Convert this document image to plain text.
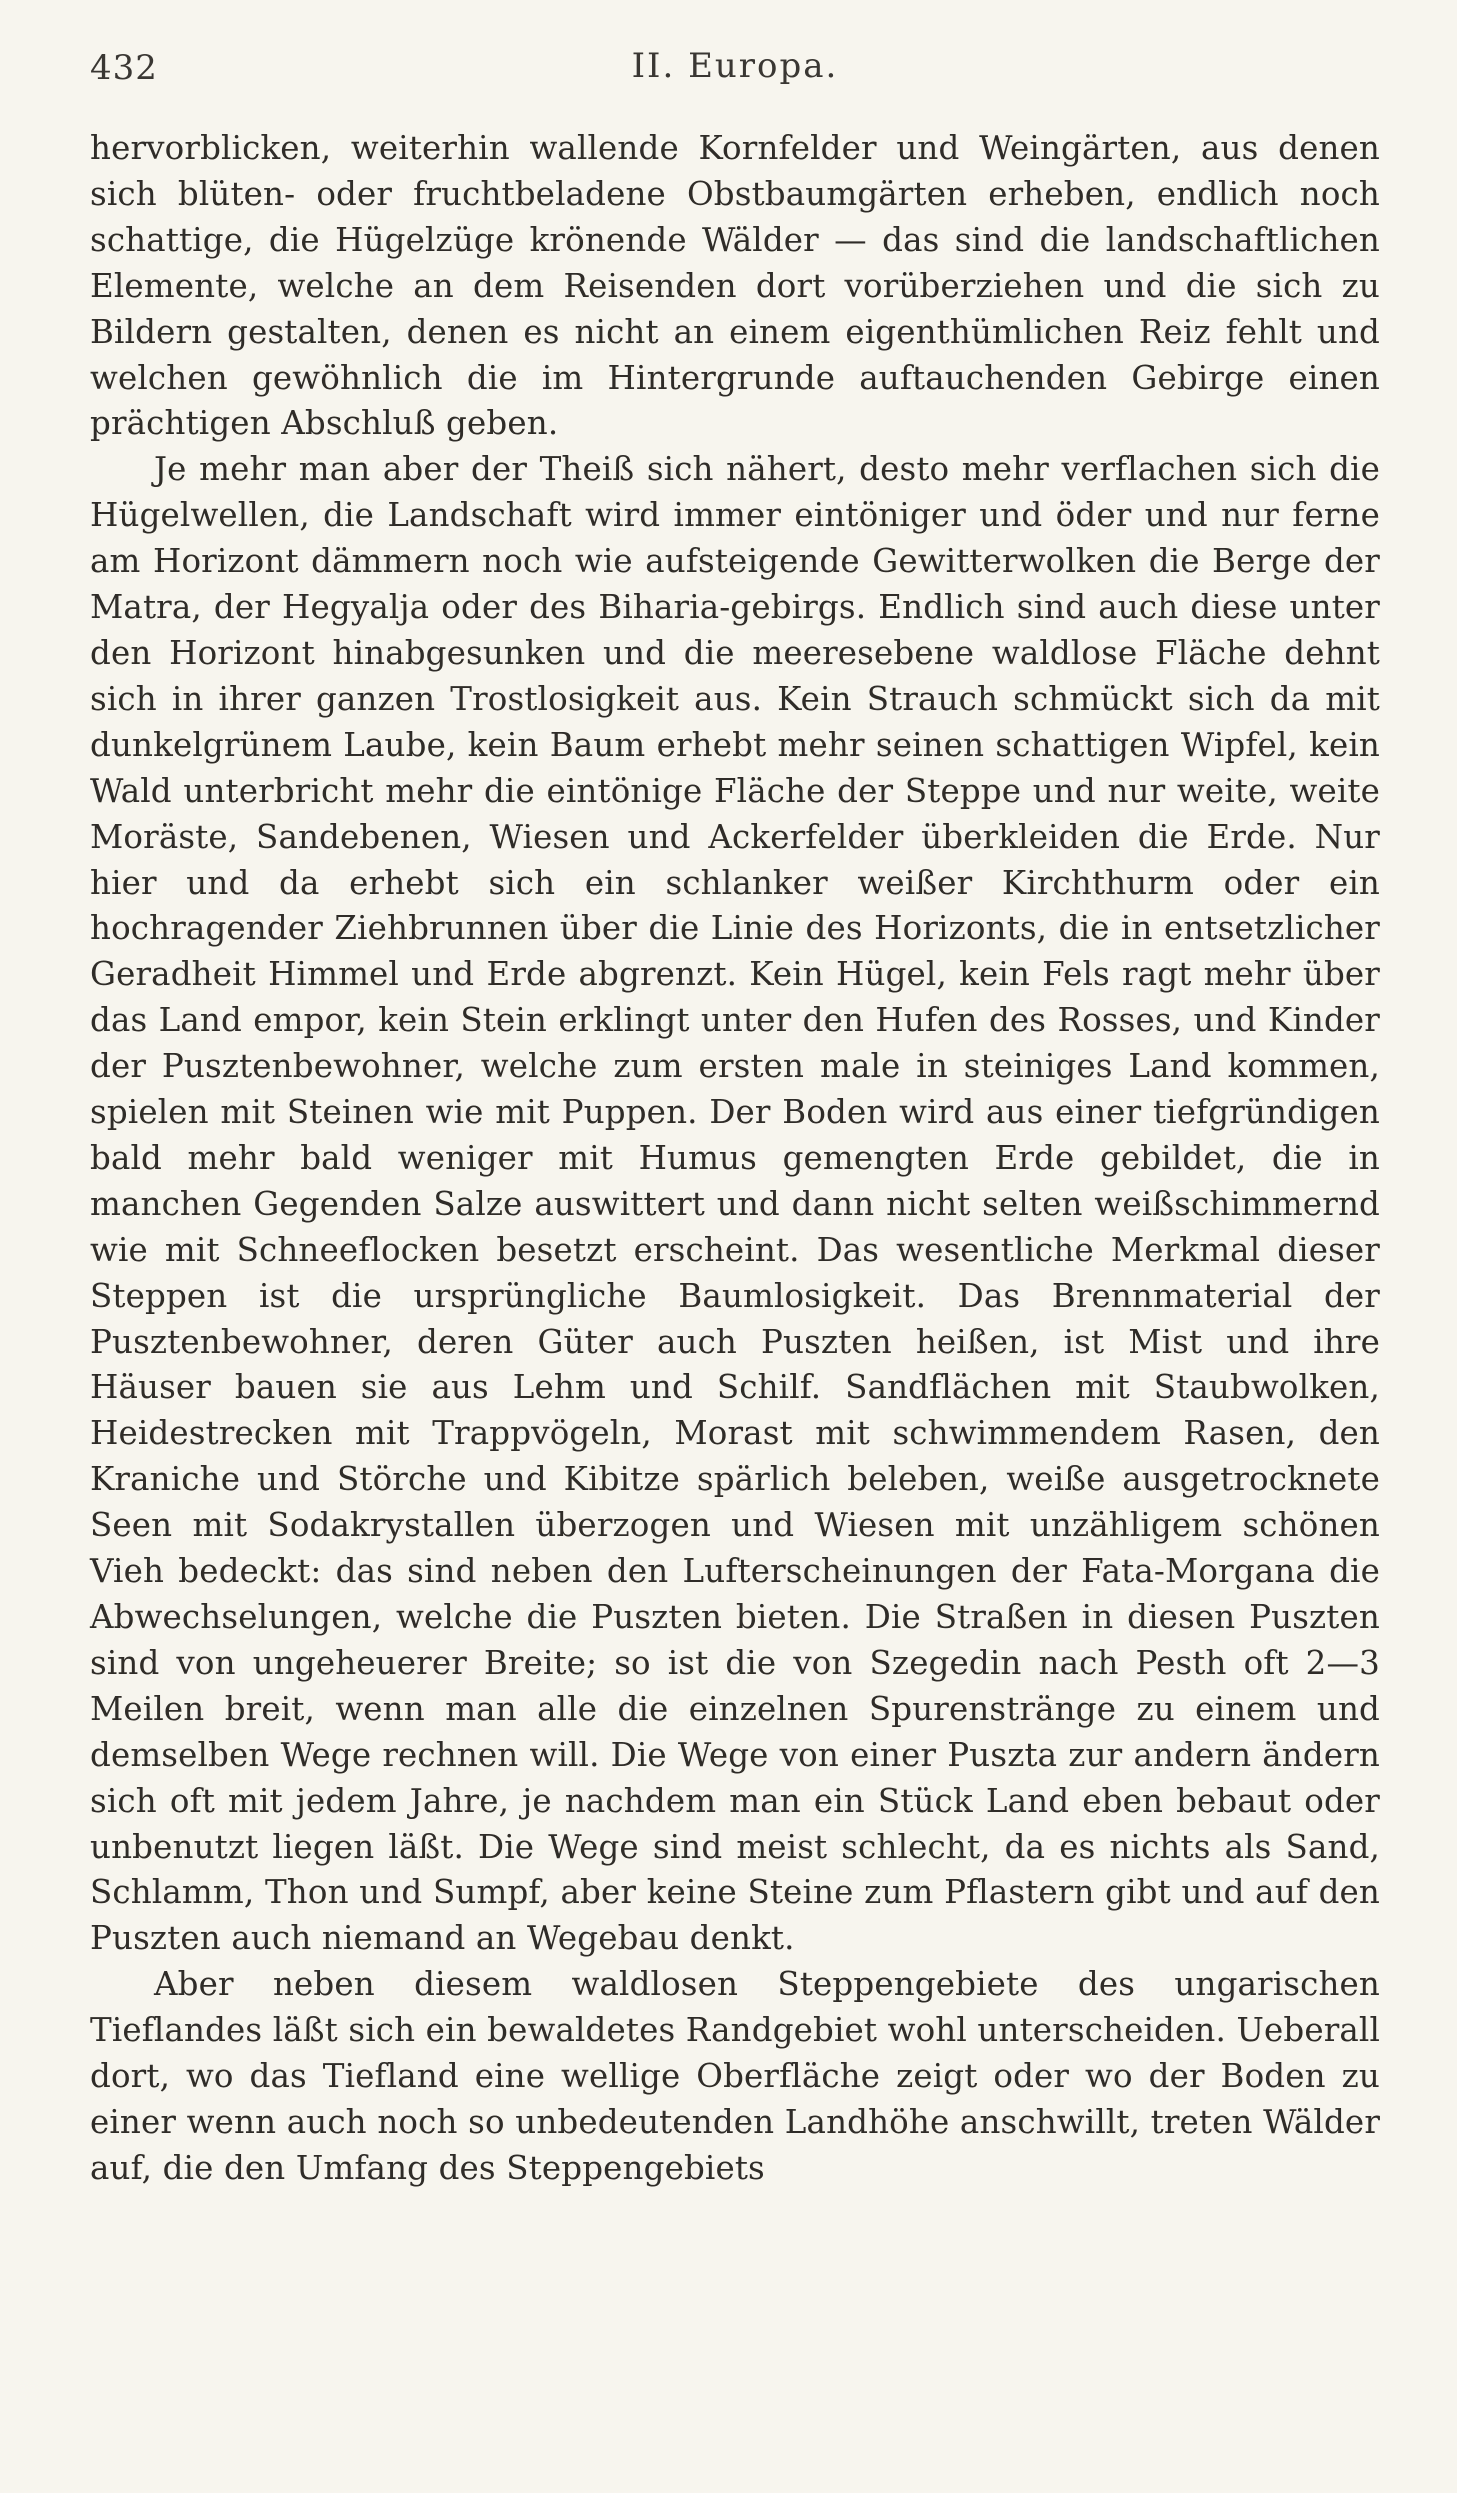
432	II. Europa.

hervorblicken, weiterhin wallende Kornfelder und Weingärten, aus denen sich blüten- oder fruchtbeladene Obstbaumgärten erheben, endlich noch schattige, die Hügelzüge krönende Wälder — das sind die landschaftlichen Elemente, welche an dem Reisenden dort vorüberziehen und die sich zu Bildern gestalten, denen es nicht an einem eigenthümlichen Reiz fehlt und welchen gewöhnlich die im Hintergrunde auftauchenden Gebirge einen prächtigen Abschluß geben.

Je mehr man aber der Theiß sich nähert, desto mehr verflachen sich die Hügelwellen, die Landschaft wird immer eintöniger und öder und nur ferne am Horizont dämmern noch wie aufsteigende Gewitterwolken die Berge der Matra, der Hegyalja oder des Biharia-gebirgs. Endlich sind auch diese unter den Horizont hinabgesunken und die meeresebene waldlose Fläche dehnt sich in ihrer ganzen Trostlosigkeit aus. Kein Strauch schmückt sich da mit dunkelgrünem Laube, kein Baum erhebt mehr seinen schattigen Wipfel, kein Wald unterbricht mehr die eintönige Fläche der Steppe und nur weite, weite Moräste, Sandebenen, Wiesen und Ackerfelder überkleiden die Erde. Nur hier und da erhebt sich ein schlanker weißer Kirchthurm oder ein hochragender Ziehbrunnen über die Linie des Horizonts, die in entsetzlicher Geradheit Himmel und Erde abgrenzt. Kein Hügel, kein Fels ragt mehr über das Land empor, kein Stein erklingt unter den Hufen des Rosses, und Kinder der Pusztenbewohner, welche zum ersten male in steiniges Land kommen, spielen mit Steinen wie mit Puppen. Der Boden wird aus einer tiefgründigen bald mehr bald weniger mit Humus gemengten Erde gebildet, die in manchen Gegenden Salze auswittert und dann nicht selten weißschimmernd wie mit Schneeflocken besetzt erscheint. Das wesentliche Merkmal dieser Steppen ist die ursprüngliche Baumlosigkeit. Das Brennmaterial der Pusztenbewohner, deren Güter auch Puszten heißen, ist Mist und ihre Häuser bauen sie aus Lehm und Schilf. Sandflächen mit Staubwolken, Heidestrecken mit Trappvögeln, Morast mit schwimmendem Rasen, den Kraniche und Störche und Kibitze spärlich beleben, weiße ausgetrocknete Seen mit Sodakrystallen überzogen und Wiesen mit unzähligem schönen Vieh bedeckt: das sind neben den Lufterscheinungen der Fata-Morgana die Abwechselungen, welche die Puszten bieten. Die Straßen in diesen Puszten sind von ungeheuerer Breite; so ist die von Szegedin nach Pesth oft 2—3 Meilen breit, wenn man alle die einzelnen Spurenstränge zu einem und demselben Wege rechnen will. Die Wege von einer Puszta zur andern ändern sich oft mit jedem Jahre, je nachdem man ein Stück Land eben bebaut oder unbenutzt liegen läßt. Die Wege sind meist schlecht, da es nichts als Sand, Schlamm, Thon und Sumpf, aber keine Steine zum Pflastern gibt und auf den Puszten auch niemand an Wegebau denkt.

Aber neben diesem waldlosen Steppengebiete des ungarischen Tieflandes läßt sich ein bewaldetes Randgebiet wohl unterscheiden. Ueberall dort, wo das Tiefland eine wellige Oberfläche zeigt oder wo der Boden zu einer wenn auch noch so unbedeutenden Landhöhe anschwillt, treten Wälder auf, die den Umfang des Steppengebiets
